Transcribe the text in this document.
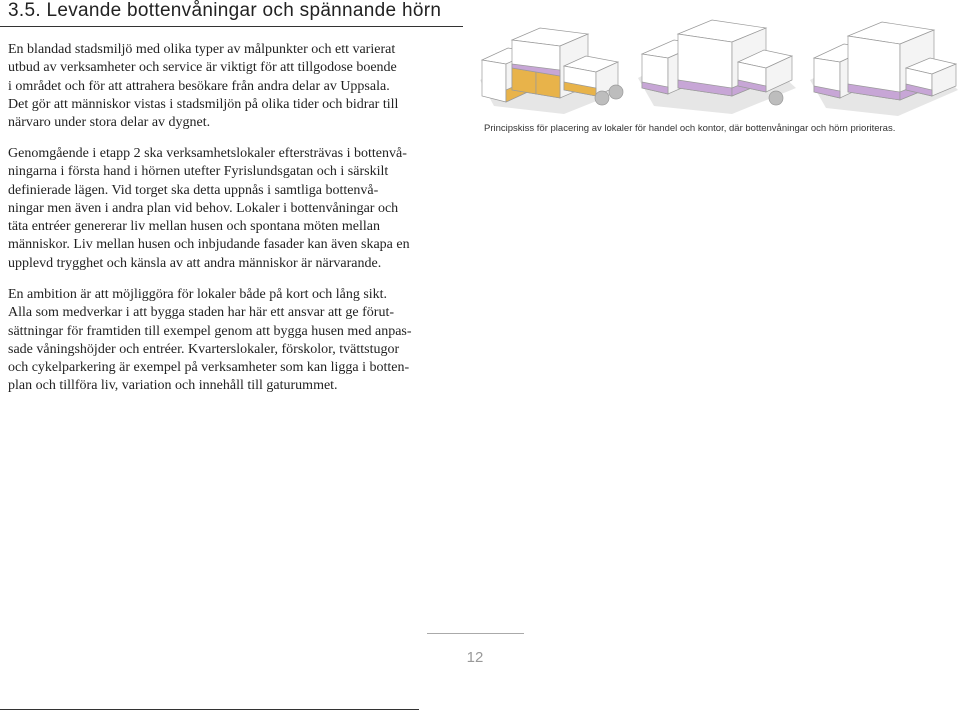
3.5. Levande bottenvåningar och spännande hörn

En blandad stadsmiljö med olika typer av målpunkter och ett varierat
utbud av verksamheter och service är viktigt för att tillgodose boende
i området och för att attrahera besökare från andra delar av Uppsala.
Det gör att människor vistas i stadsmiljön på olika tider och bidrar till
närvaro under stora delar av dygnet.

Genomgående i etapp 2 ska verksamhetslokaler eftersträvas i bottenvå-
ningarna i första hand i hörnen utefter Fyrislundsgatan och i särskilt
definierade lägen. Vid torget ska detta uppnås i samtliga bottenvå-
ningar men även i andra plan vid behov. Lokaler i bottenvåningar och
täta entréer genererar liv mellan husen och spontana möten mellan
människor. Liv mellan husen och inbjudande fasader kan även skapa en
upplevd trygghet och känsla av att andra människor är närvarande.

En ambition är att möjliggöra för lokaler både på kort och lång sikt.
Alla som medverkar i att bygga staden har här ett ansvar att ge förut-
sättningar för framtiden till exempel genom att bygga husen med anpas-
sade våningshöjder och entréer. Kvarterslokaler, förskolor, tvättstugor
och cykelparkering är exempel på verksamheter som kan ligga i botten-
plan och tillföra liv, variation och innehåll till gaturummet.

Principskiss för placering av lokaler för handel och kontor, där bottenvåningar och hörn prioriteras.

12
